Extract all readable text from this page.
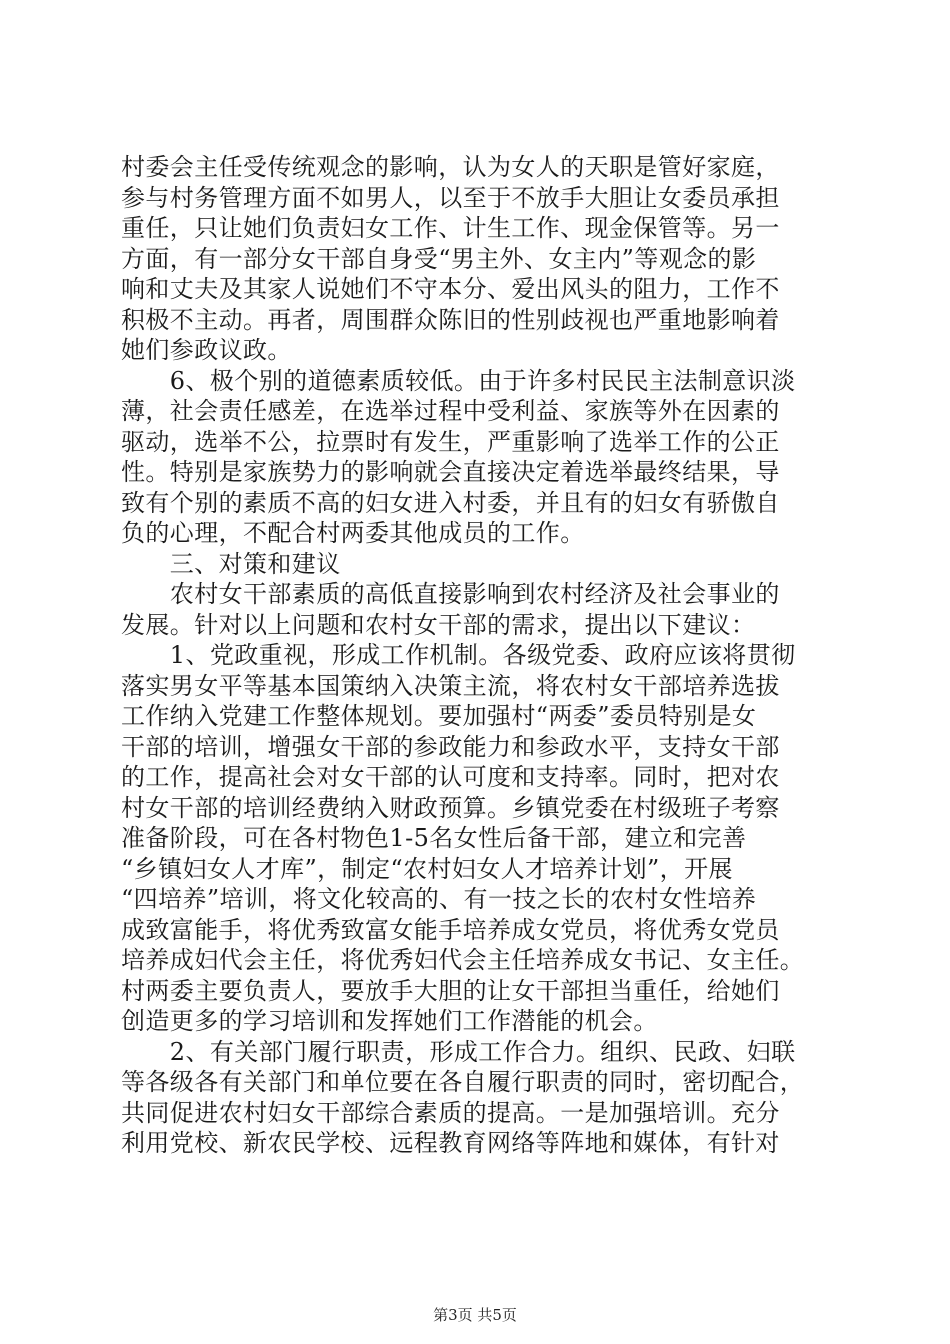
村委会主任受传统观念的影响，认为女人的天职是管好家庭，
参与村务管理方面不如男人，以至于不放手大胆让女委员承担
重任，只让她们负责妇女工作、计生工作、现金保管等。另一
方面，有一部分女干部自身受“男主外、女主内”等观念的影
响和丈夫及其家人说她们不守本分、爱出风头的阻力，工作不
积极不主动。再者，周围群众陈旧的性别歧视也严重地影响着
她们参政议政。
　　6、极个别的道德素质较低。由于许多村民民主法制意识淡
薄，社会责任感差，在选举过程中受利益、家族等外在因素的
驱动，选举不公，拉票时有发生，严重影响了选举工作的公正
性。特别是家族势力的影响就会直接决定着选举最终结果，导
致有个别的素质不高的妇女进入村委，并且有的妇女有骄傲自
负的心理，不配合村两委其他成员的工作。
　　三、对策和建议
　　农村女干部素质的高低直接影响到农村经济及社会事业的
发展。针对以上问题和农村女干部的需求，提出以下建议：
　　1、党政重视，形成工作机制。各级党委、政府应该将贯彻
落实男女平等基本国策纳入决策主流，将农村女干部培养选拔
工作纳入党建工作整体规划。要加强村“两委”委员特别是女
干部的培训，增强女干部的参政能力和参政水平，支持女干部
的工作，提高社会对女干部的认可度和支持率。同时，把对农
村女干部的培训经费纳入财政预算。乡镇党委在村级班子考察
准备阶段，可在各村物色1-5名女性后备干部，建立和完善
“乡镇妇女人才库”，制定“农村妇女人才培养计划”，开展
“四培养”培训，将文化较高的、有一技之长的农村女性培养
成致富能手，将优秀致富女能手培养成女党员，将优秀女党员
培养成妇代会主任，将优秀妇代会主任培养成女书记、女主任。
村两委主要负责人，要放手大胆的让女干部担当重任，给她们
创造更多的学习培训和发挥她们工作潜能的机会。
　　2、有关部门履行职责，形成工作合力。组织、民政、妇联
等各级各有关部门和单位要在各自履行职责的同时，密切配合，
共同促进农村妇女干部综合素质的提高。一是加强培训。充分
利用党校、新农民学校、远程教育网络等阵地和媒体，有针对
第3页 共5页
